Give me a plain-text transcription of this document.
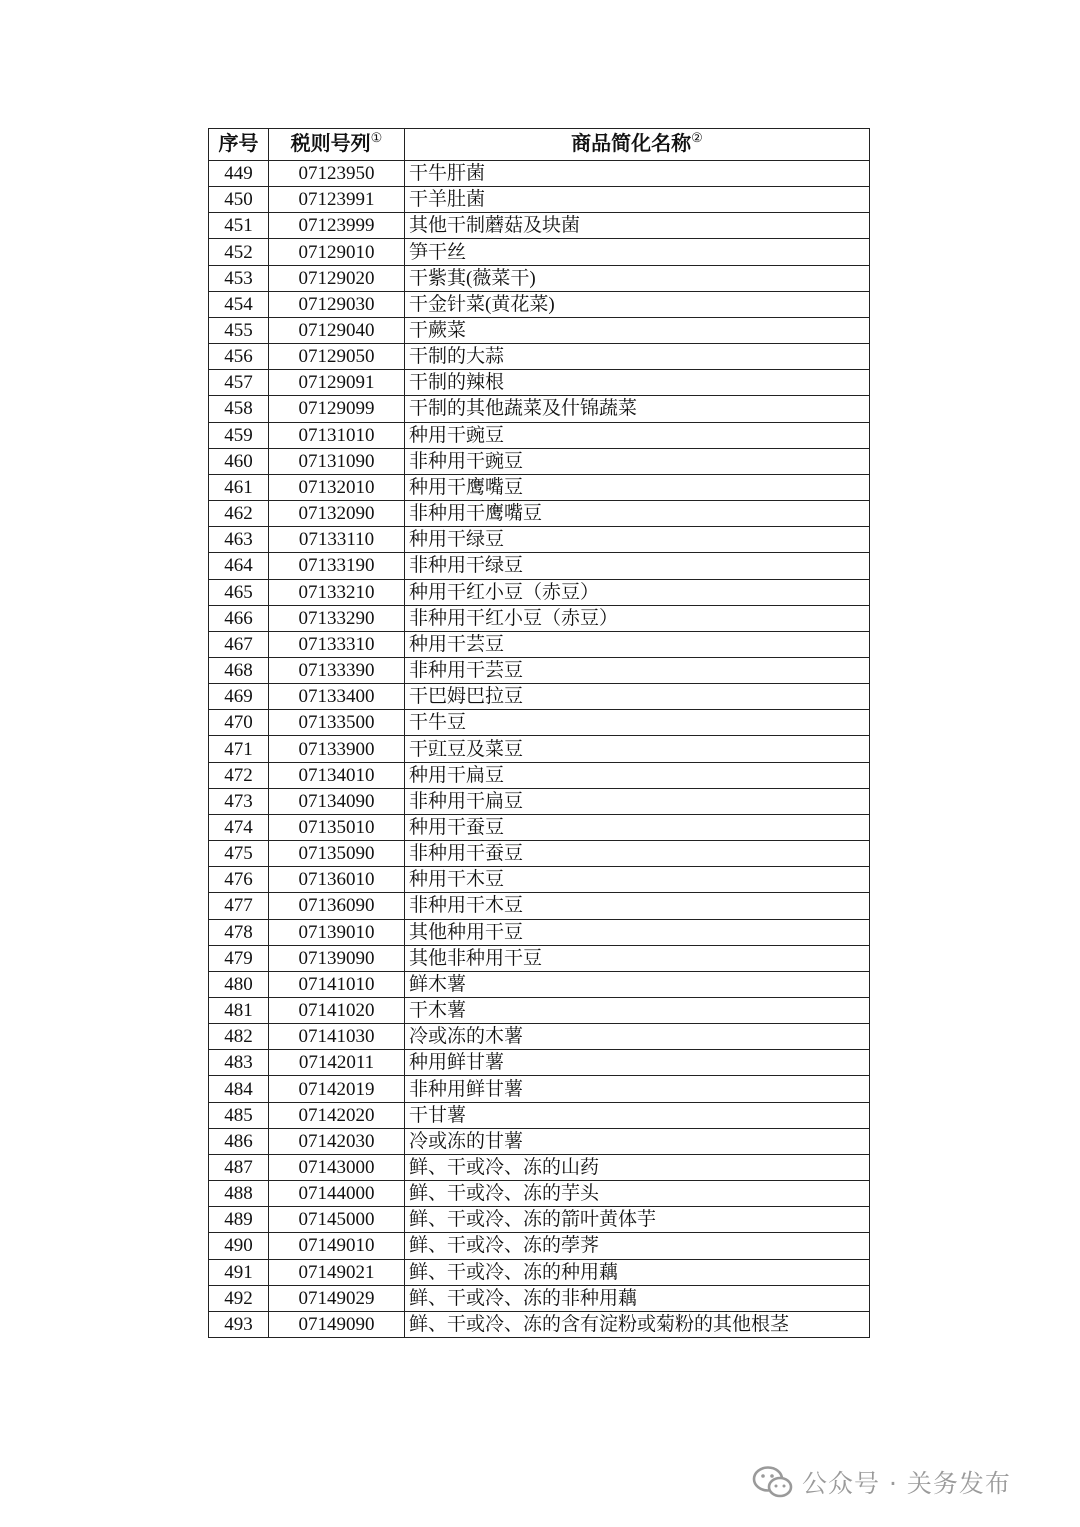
序号	税则号列①	商品简化名称②
449	07123950	干牛肝菌
450	07123991	干羊肚菌
451	07123999	其他干制蘑菇及块菌
452	07129010	笋干丝
453	07129020	干紫萁(薇菜干)
454	07129030	干金针菜(黄花菜)
455	07129040	干蕨菜
456	07129050	干制的大蒜
457	07129091	干制的辣根
458	07129099	干制的其他蔬菜及什锦蔬菜
459	07131010	种用干豌豆
460	07131090	非种用干豌豆
461	07132010	种用干鹰嘴豆
462	07132090	非种用干鹰嘴豆
463	07133110	种用干绿豆
464	07133190	非种用干绿豆
465	07133210	种用干红小豆（赤豆）
466	07133290	非种用干红小豆（赤豆）
467	07133310	种用干芸豆
468	07133390	非种用干芸豆
469	07133400	干巴姆巴拉豆
470	07133500	干牛豆
471	07133900	干豇豆及菜豆
472	07134010	种用干扁豆
473	07134090	非种用干扁豆
474	07135010	种用干蚕豆
475	07135090	非种用干蚕豆
476	07136010	种用干木豆
477	07136090	非种用干木豆
478	07139010	其他种用干豆
479	07139090	其他非种用干豆
480	07141010	鲜木薯
481	07141020	干木薯
482	07141030	冷或冻的木薯
483	07142011	种用鲜甘薯
484	07142019	非种用鲜甘薯
485	07142020	干甘薯
486	07142030	冷或冻的甘薯
487	07143000	鲜、干或冷、冻的山药
488	07144000	鲜、干或冷、冻的芋头
489	07145000	鲜、干或冷、冻的箭叶黄体芋
490	07149010	鲜、干或冷、冻的荸荠
491	07149021	鲜、干或冷、冻的种用藕
492	07149029	鲜、干或冷、冻的非种用藕
493	07149090	鲜、干或冷、冻的含有淀粉或菊粉的其他根茎
公众号 · 关务发布
